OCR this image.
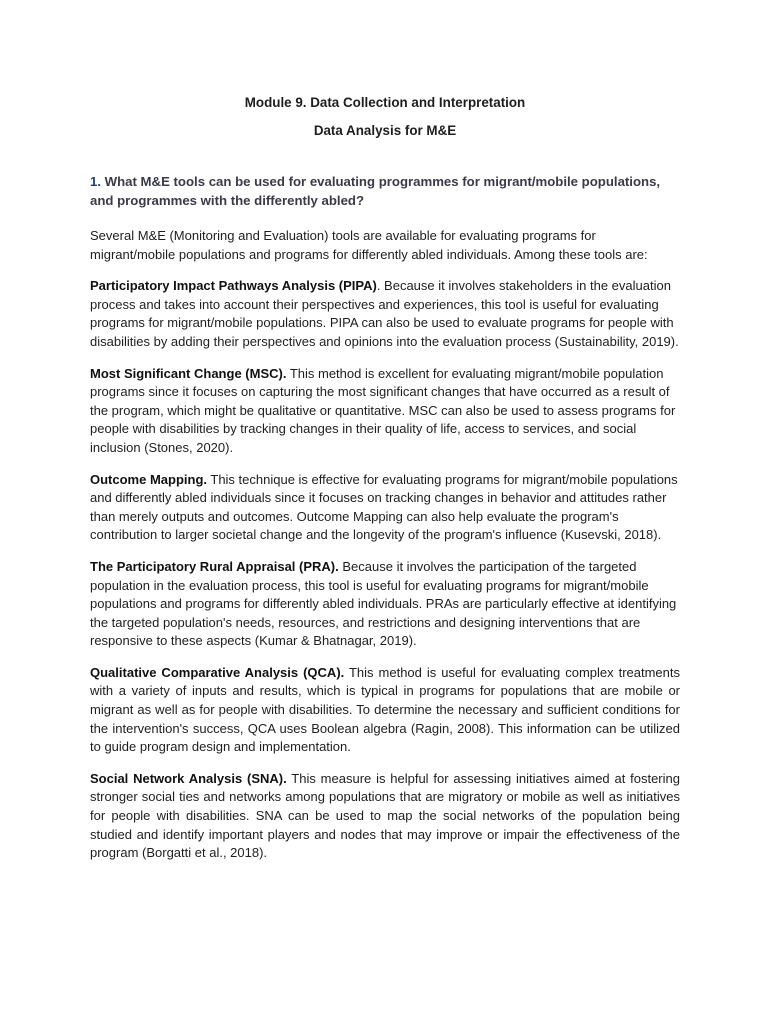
Module 9. Data Collection and Interpretation
Data Analysis for M&E
1. What M&E tools can be used for evaluating programmes for migrant/mobile populations, and programmes with the differently abled?

Several M&E (Monitoring and Evaluation) tools are available for evaluating programs for migrant/mobile populations and programs for differently abled individuals. Among these tools are:

Participatory Impact Pathways Analysis (PIPA). Because it involves stakeholders in the evaluation process and takes into account their perspectives and experiences, this tool is useful for evaluating programs for migrant/mobile populations. PIPA can also be used to evaluate programs for people with disabilities by adding their perspectives and opinions into the evaluation process (Sustainability, 2019).

Most Significant Change (MSC). This method is excellent for evaluating migrant/mobile population programs since it focuses on capturing the most significant changes that have occurred as a result of the program, which might be qualitative or quantitative. MSC can also be used to assess programs for people with disabilities by tracking changes in their quality of life, access to services, and social inclusion (Stones, 2020).

Outcome Mapping. This technique is effective for evaluating programs for migrant/mobile populations and differently abled individuals since it focuses on tracking changes in behavior and attitudes rather than merely outputs and outcomes. Outcome Mapping can also help evaluate the program's contribution to larger societal change and the longevity of the program's influence (Kusevski, 2018).

The Participatory Rural Appraisal (PRA). Because it involves the participation of the targeted population in the evaluation process, this tool is useful for evaluating programs for migrant/mobile populations and programs for differently abled individuals. PRAs are particularly effective at identifying the targeted population's needs, resources, and restrictions and designing interventions that are responsive to these aspects (Kumar & Bhatnagar, 2019).

Qualitative Comparative Analysis (QCA). This method is useful for evaluating complex treatments with a variety of inputs and results, which is typical in programs for populations that are mobile or migrant as well as for people with disabilities. To determine the necessary and sufficient conditions for the intervention's success, QCA uses Boolean algebra (Ragin, 2008). This information can be utilized to guide program design and implementation.

Social Network Analysis (SNA). This measure is helpful for assessing initiatives aimed at fostering stronger social ties and networks among populations that are migratory or mobile as well as initiatives for people with disabilities. SNA can be used to map the social networks of the population being studied and identify important players and nodes that may improve or impair the effectiveness of the program (Borgatti et al., 2018).
